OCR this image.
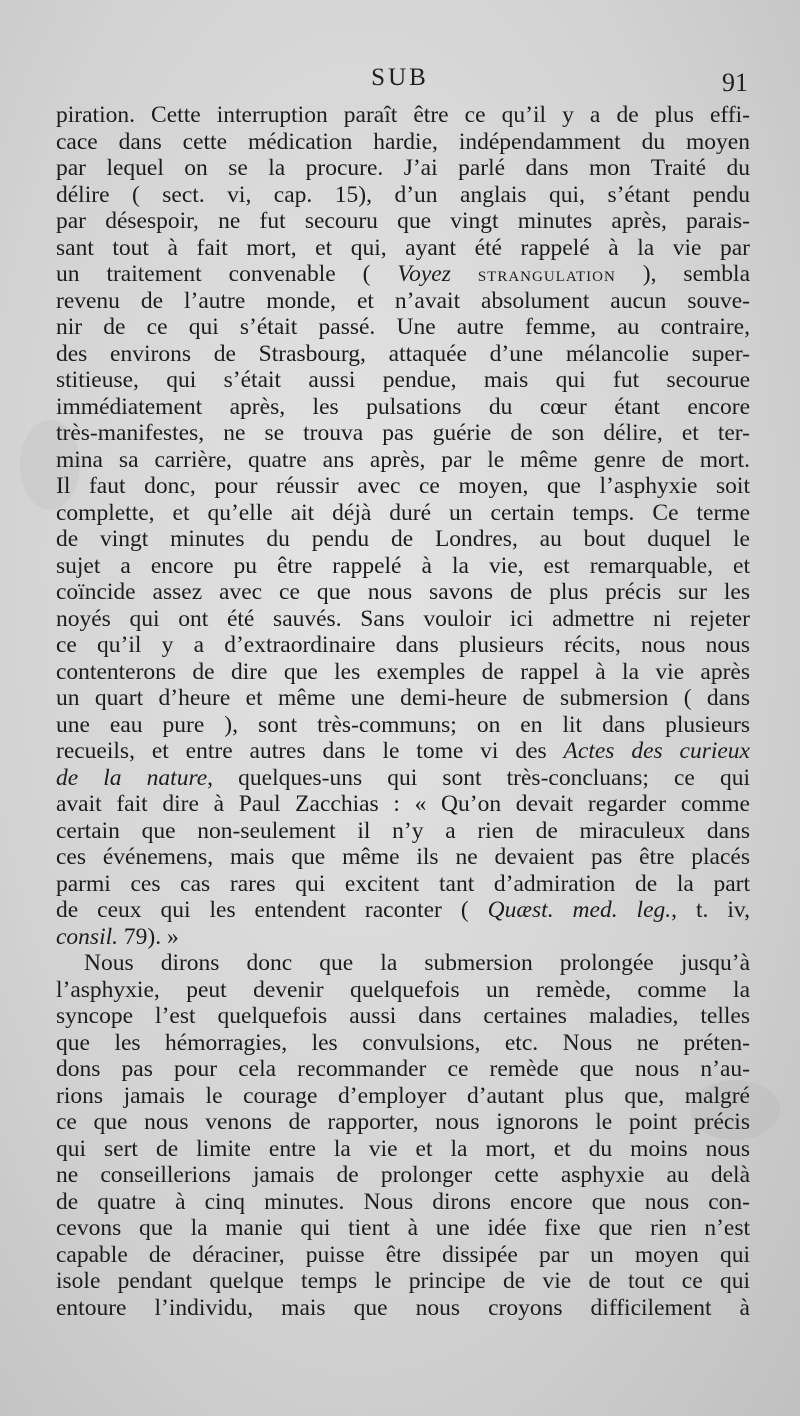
SUB	91
piration. Cette interruption paraît être ce qu’il y a de plus effi-
cace dans cette médication hardie, indépendamment du moyen
par lequel on se la procure. J’ai parlé dans mon Traité du
délire ( sect. vi, cap. 15), d’un anglais qui, s’étant pendu
par désespoir, ne fut secouru que vingt minutes après, parais-
sant tout à fait mort, et qui, ayant été rappelé à la vie par
un traitement convenable ( Voyez STRANGULATION ), sembla
revenu de l’autre monde, et n’avait absolument aucun souve-
nir de ce qui s’était passé. Une autre femme, au contraire,
des environs de Strasbourg, attaquée d’une mélancolie super-
stitieuse, qui s’était aussi pendue, mais qui fut secourue
immédiatement après, les pulsations du cœur étant encore
très-manifestes, ne se trouva pas guérie de son délire, et ter-
mina sa carrière, quatre ans après, par le même genre de mort.
Il faut donc, pour réussir avec ce moyen, que l’asphyxie soit
complette, et qu’elle ait déjà duré un certain temps. Ce terme
de vingt minutes du pendu de Londres, au bout duquel le
sujet a encore pu être rappelé à la vie, est remarquable, et
coïncide assez avec ce que nous savons de plus précis sur les
noyés qui ont été sauvés. Sans vouloir ici admettre ni rejeter
ce qu’il y a d’extraordinaire dans plusieurs récits, nous nous
contenterons de dire que les exemples de rappel à la vie après
un quart d’heure et même une demi-heure de submersion ( dans
une eau pure ), sont très-communs; on en lit dans plusieurs
recueils, et entre autres dans le tome vi des Actes des curieux
de la nature, quelques-uns qui sont très-concluans; ce qui
avait fait dire à Paul Zacchias : « Qu’on devait regarder comme
certain que non-seulement il n’y a rien de miraculeux dans
ces événemens, mais que même ils ne devaient pas être placés
parmi ces cas rares qui excitent tant d’admiration de la part
de ceux qui les entendent raconter ( Quæst. med. leg., t. iv,
consil. 79). »
Nous dirons donc que la submersion prolongée jusqu’à
l’asphyxie, peut devenir quelquefois un remède, comme la
syncope l’est quelquefois aussi dans certaines maladies, telles
que les hémorragies, les convulsions, etc. Nous ne préten-
dons pas pour cela recommander ce remède que nous n’au-
rions jamais le courage d’employer d’autant plus que, malgré
ce que nous venons de rapporter, nous ignorons le point précis
qui sert de limite entre la vie et la mort, et du moins nous
ne conseillerions jamais de prolonger cette asphyxie au delà
de quatre à cinq minutes. Nous dirons encore que nous con-
cevons que la manie qui tient à une idée fixe que rien n’est
capable de déraciner, puisse être dissipée par un moyen qui
isole pendant quelque temps le principe de vie de tout ce qui
entoure l’individu, mais que nous croyons difficilement à
